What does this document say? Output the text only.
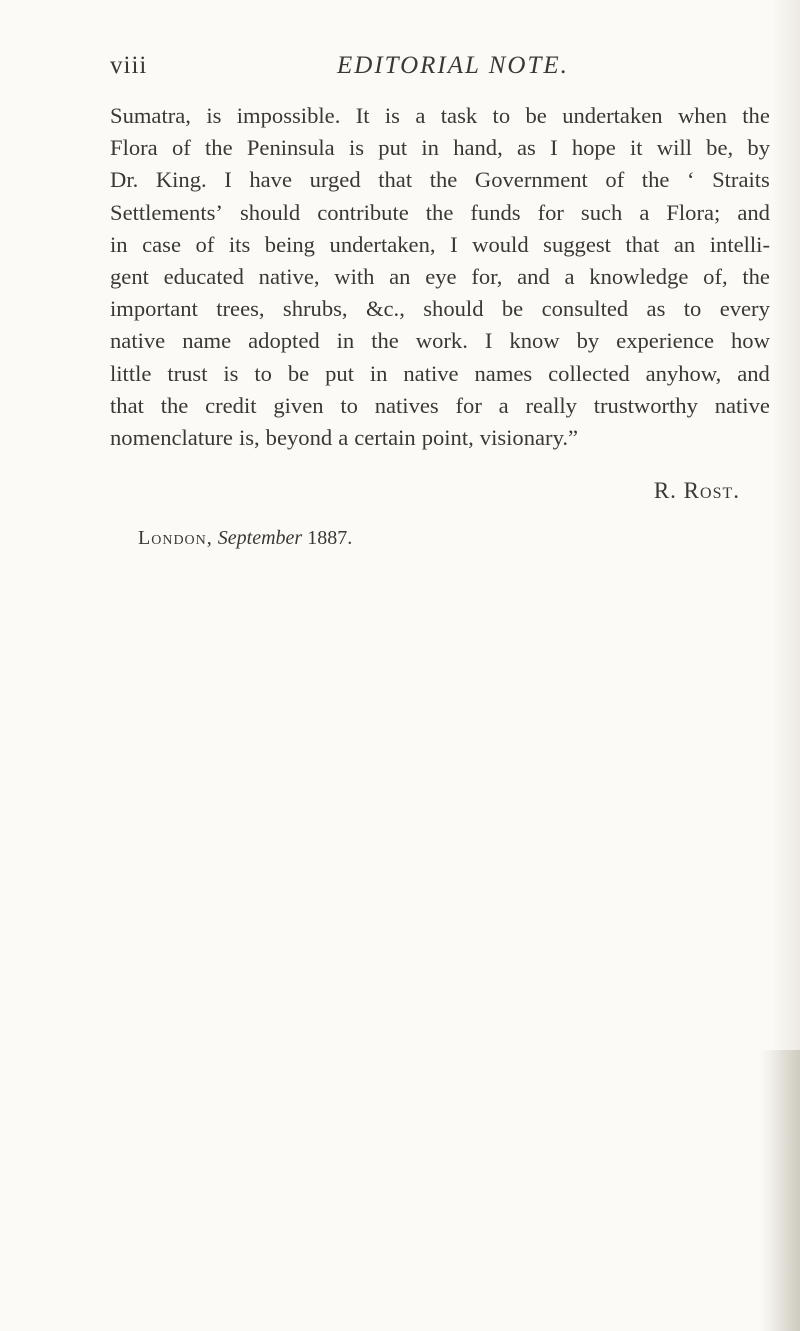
viii	EDITORIAL NOTE.
Sumatra, is impossible. It is a task to be undertaken when the
Flora of the Peninsula is put in hand, as I hope it will be, by
Dr. King. I have urged that the Government of the ‘ Straits
Settlements’ should contribute the funds for such a Flora; and
in case of its being undertaken, I would suggest that an intelli-
gent educated native, with an eye for, and a knowledge of, the
important trees, shrubs, &c., should be consulted as to every
native name adopted in the work. I know by experience how
little trust is to be put in native names collected anyhow, and
that the credit given to natives for a really trustworthy native
nomenclature is, beyond a certain point, visionary.”
R. Rost.
London, September 1887.
